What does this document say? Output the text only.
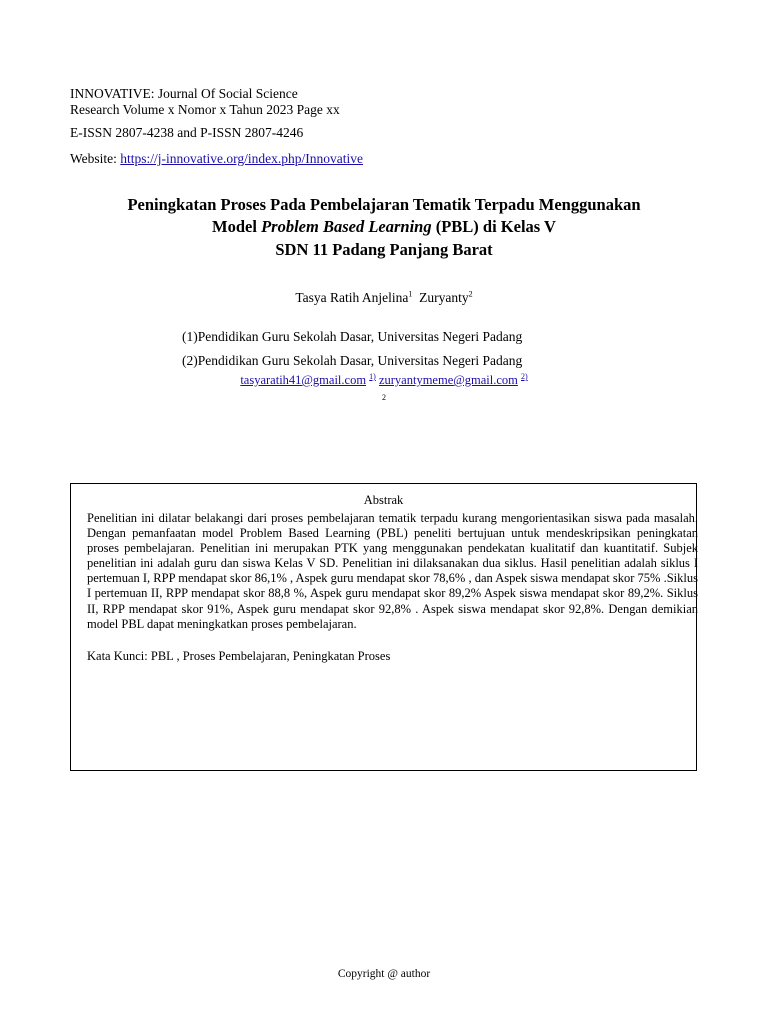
INNOVATIVE: Journal Of Social Science
Research Volume x Nomor x Tahun 2023 Page xx
E-ISSN 2807-4238 and P-ISSN 2807-4246
Website: https://j-innovative.org/index.php/Innovative
Peningkatan Proses Pada Pembelajaran Tematik Terpadu Menggunakan
Model Problem Based Learning (PBL) di Kelas V
SDN 11 Padang Panjang Barat
Tasya Ratih Anjelina$^1$ Zuryanty$^2$
(1)Pendidikan Guru Sekolah Dasar, Universitas Negeri Padang
(2)Pendidikan Guru Sekolah Dasar, Universitas Negeri Padang
tasyaratih41@gmail.com $^{1)}$ zuryantymeme@gmail.com $^{2)}$
2
Abstrak
Penelitian ini dilatar belakangi dari proses pembelajaran tematik terpadu kurang mengorientasikan siswa pada masalah. Dengan pemanfaatan model Problem Based Learning (PBL) peneliti bertujuan untuk mendeskripsikan peningkatan proses pembelajaran. Penelitian ini merupakan PTK yang menggunakan pendekatan kualitatif dan kuantitatif. Subjek penelitian ini adalah guru dan siswa Kelas V SD. Penelitian ini dilaksanakan dua siklus. Hasil penelitian adalah siklus I pertemuan I, RPP mendapat skor 86,1% , Aspek guru mendapat skor 78,6% , dan Aspek siswa mendapat skor 75% .Siklus I pertemuan II, RPP mendapat skor 88,8 %, Aspek guru mendapat skor 89,2% Aspek siswa mendapat skor 89,2%. Siklus II, RPP mendapat skor 91%, Aspek guru mendapat skor 92,8% . Aspek siswa mendapat skor 92,8%. Dengan demikian model PBL dapat meningkatkan proses pembelajaran.
Kata Kunci: PBL , Proses Pembelajaran, Peningkatan Proses
Copyright @ author
